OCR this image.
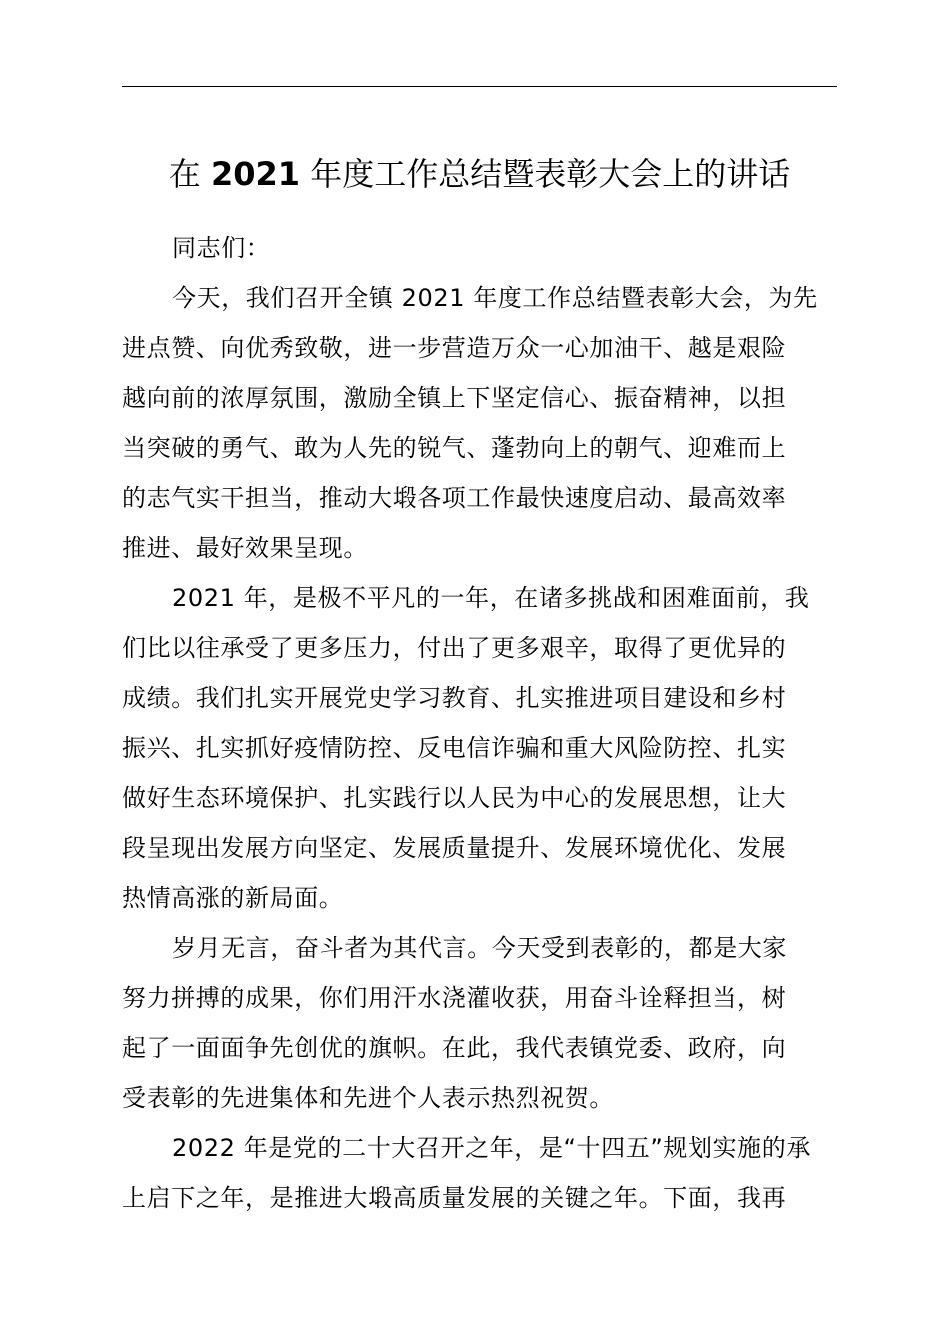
在 2021 年度工作总结暨表彰大会上的讲话
同志们：
今天，我们召开全镇 2021 年度工作总结暨表彰大会，为先
进点赞、向优秀致敬，进一步营造万众一心加油干、越是艰险
越向前的浓厚氛围，激励全镇上下坚定信心、振奋精神，以担
当突破的勇气、敢为人先的锐气、蓬勃向上的朝气、迎难而上
的志气实干担当，推动大塅各项工作最快速度启动、最高效率
推进、最好效果呈现。
2021 年，是极不平凡的一年，在诸多挑战和困难面前，我
们比以往承受了更多压力，付出了更多艰辛，取得了更优异的
成绩。我们扎实开展党史学习教育、扎实推进项目建设和乡村
振兴、扎实抓好疫情防控、反电信诈骗和重大风险防控、扎实
做好生态环境保护、扎实践行以人民为中心的发展思想，让大
段呈现出发展方向坚定、发展质量提升、发展环境优化、发展
热情高涨的新局面。
岁月无言，奋斗者为其代言。今天受到表彰的，都是大家
努力拼搏的成果，你们用汗水浇灌收获，用奋斗诠释担当，树
起了一面面争先创优的旗帜。在此，我代表镇党委、政府，向
受表彰的先进集体和先进个人表示热烈祝贺。
2022 年是党的二十大召开之年，是“十四五”规划实施的承
上启下之年，是推进大塅高质量发展的关键之年。下面，我再
